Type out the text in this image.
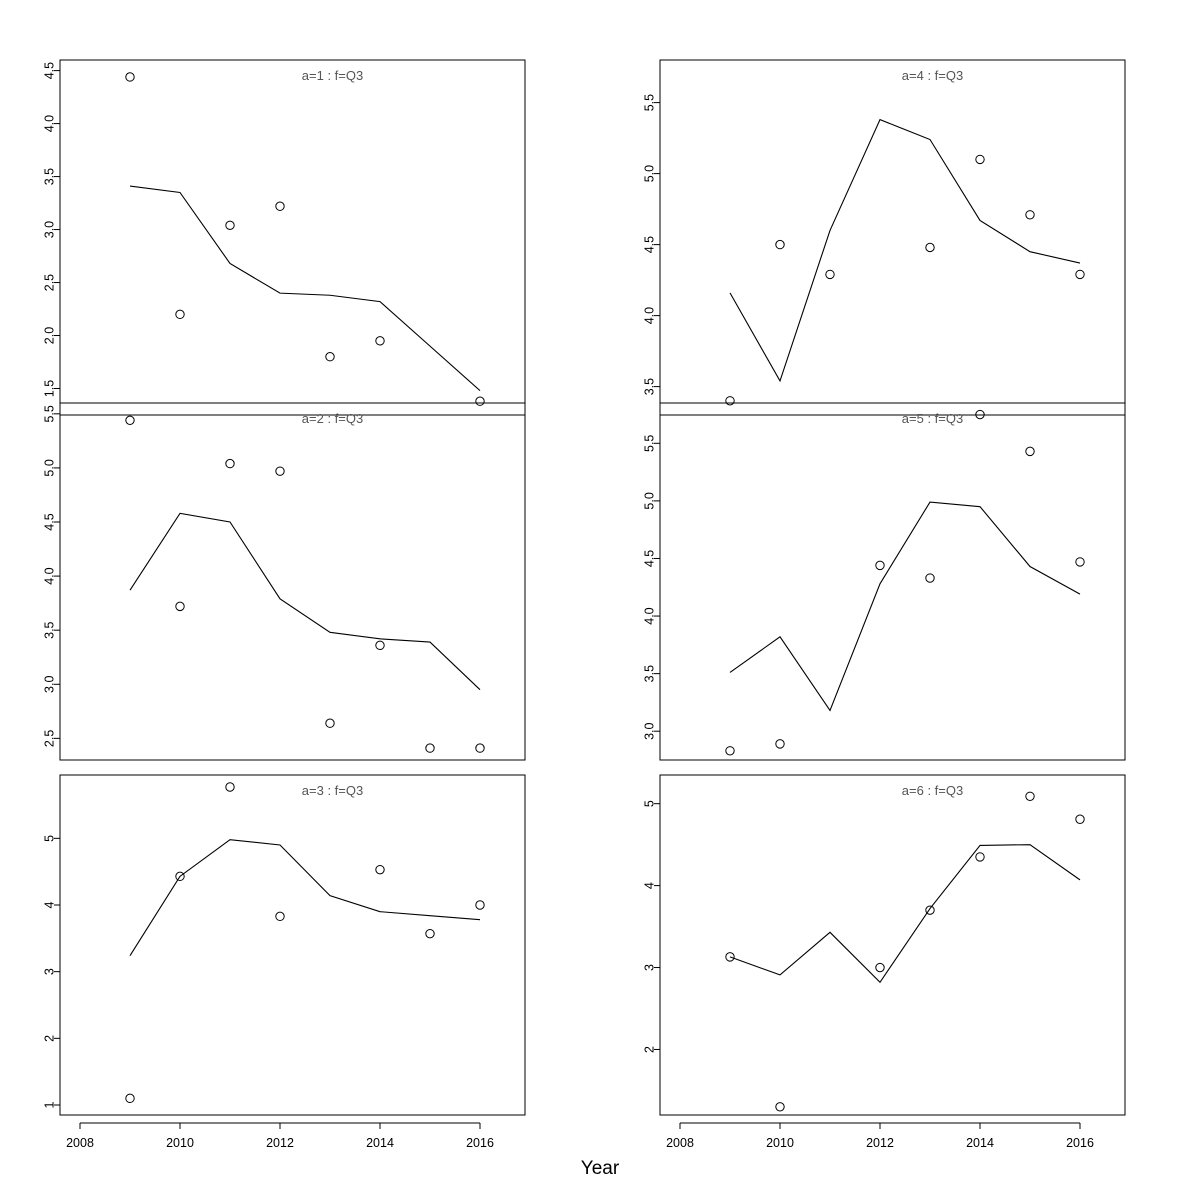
1.5
2.0
2.5
3.0
3.5
4.0
4.5	a=1 : f=Q3
2.5
3.0
3.5
4.0
4.5
5.0
5.5	a=2 : f=Q3
1
2
3
4
5
2008	2010	2012	2014	2016
a=3 : f=Q3
3.5
4.0
4.5
5.0
5.5
a=4 : f=Q3
3.0
3.5
4.0
4.5
5.0
5.5
a=5 : f=Q3
2
3
4
5
2008	2010	2012	2014	2016
a=6 : f=Q3
Year
